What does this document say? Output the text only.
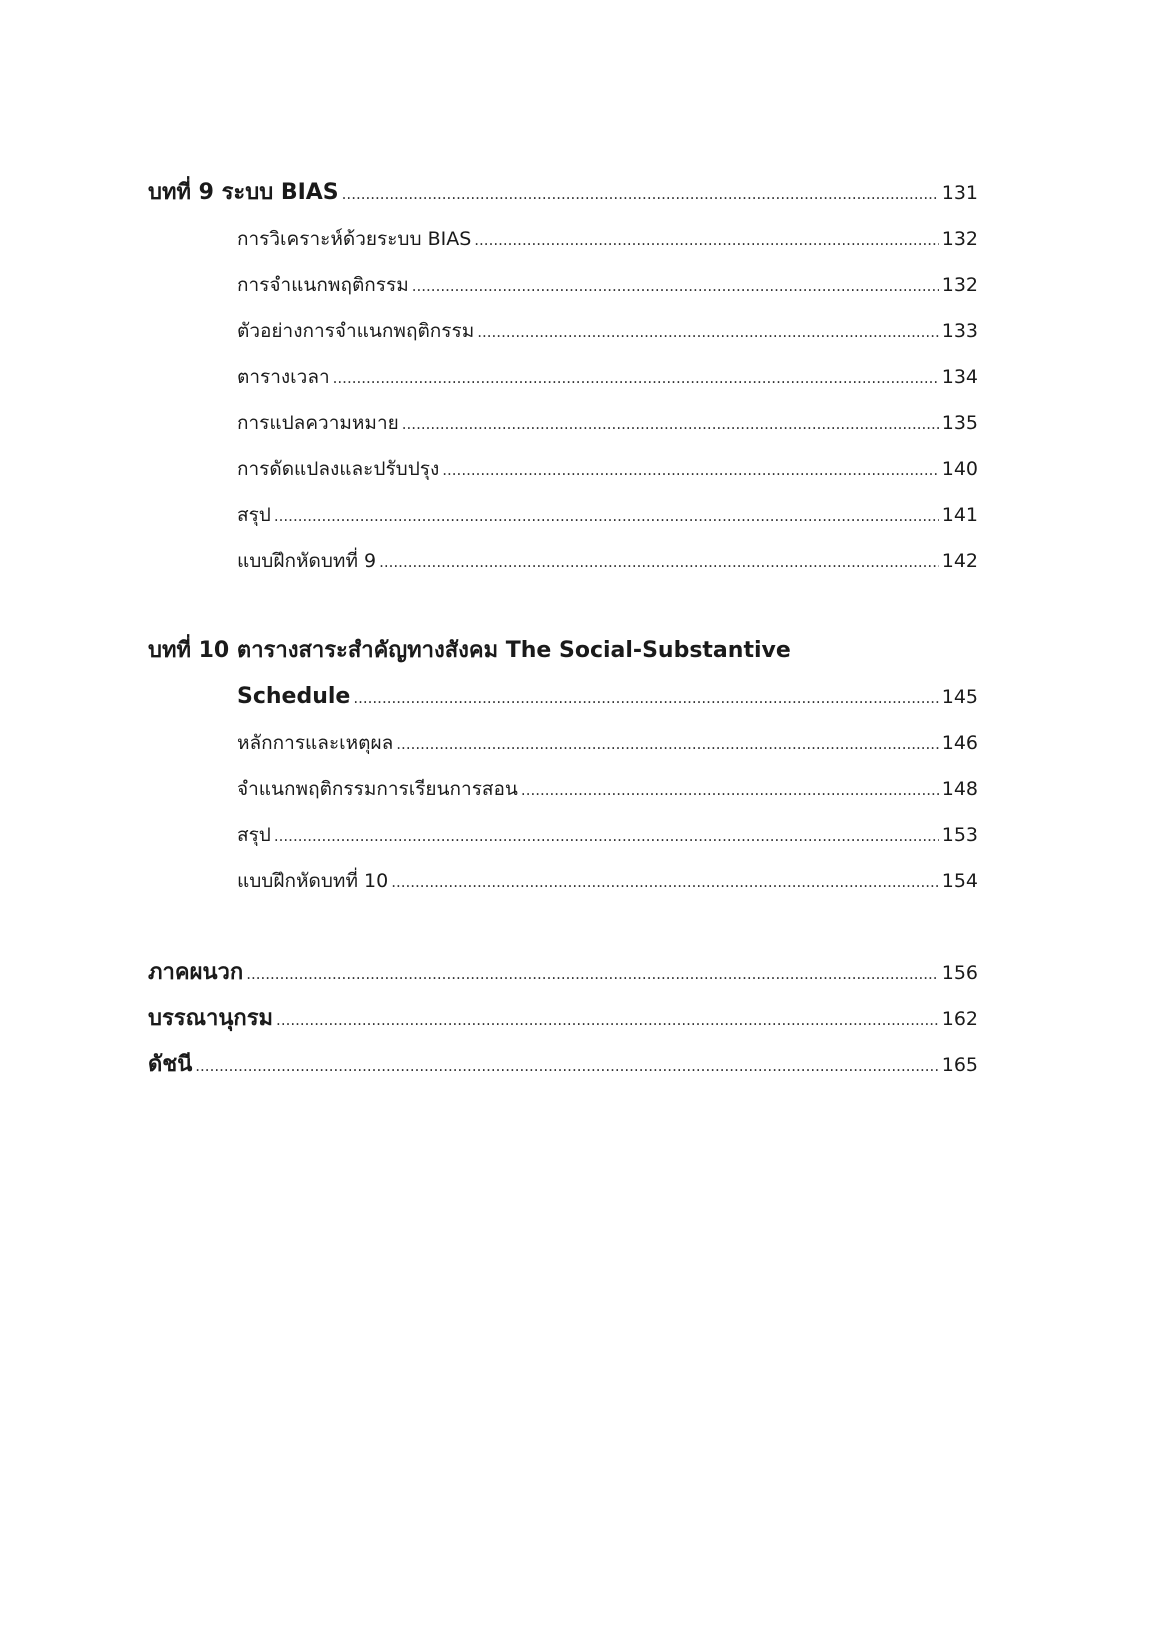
บทที่ 9 ระบบ BIAS .....	131
การวิเคราะห์ด้วยระบบ BIAS .....	132
การจำแนกพฤติกรรม .....	132
ตัวอย่างการจำแนกพฤติกรรม .....	133
ตารางเวลา .....	134
การแปลความหมาย .....	135
การดัดแปลงและปรับปรุง .....	140
สรุป .....	141
แบบฝึกหัดบทที่ 9 .....	142
บทที่ 10 ตารางสาระสำคัญทางสังคม The Social-Substantive
Schedule .....	145
หลักการและเหตุผล .....	146
จำแนกพฤติกรรมการเรียนการสอน .....	148
สรุป .....	153
แบบฝึกหัดบทที่ 10 .....	154
ภาคผนวก .....	156
บรรณานุกรม .....	162
ดัชนี .....	165
